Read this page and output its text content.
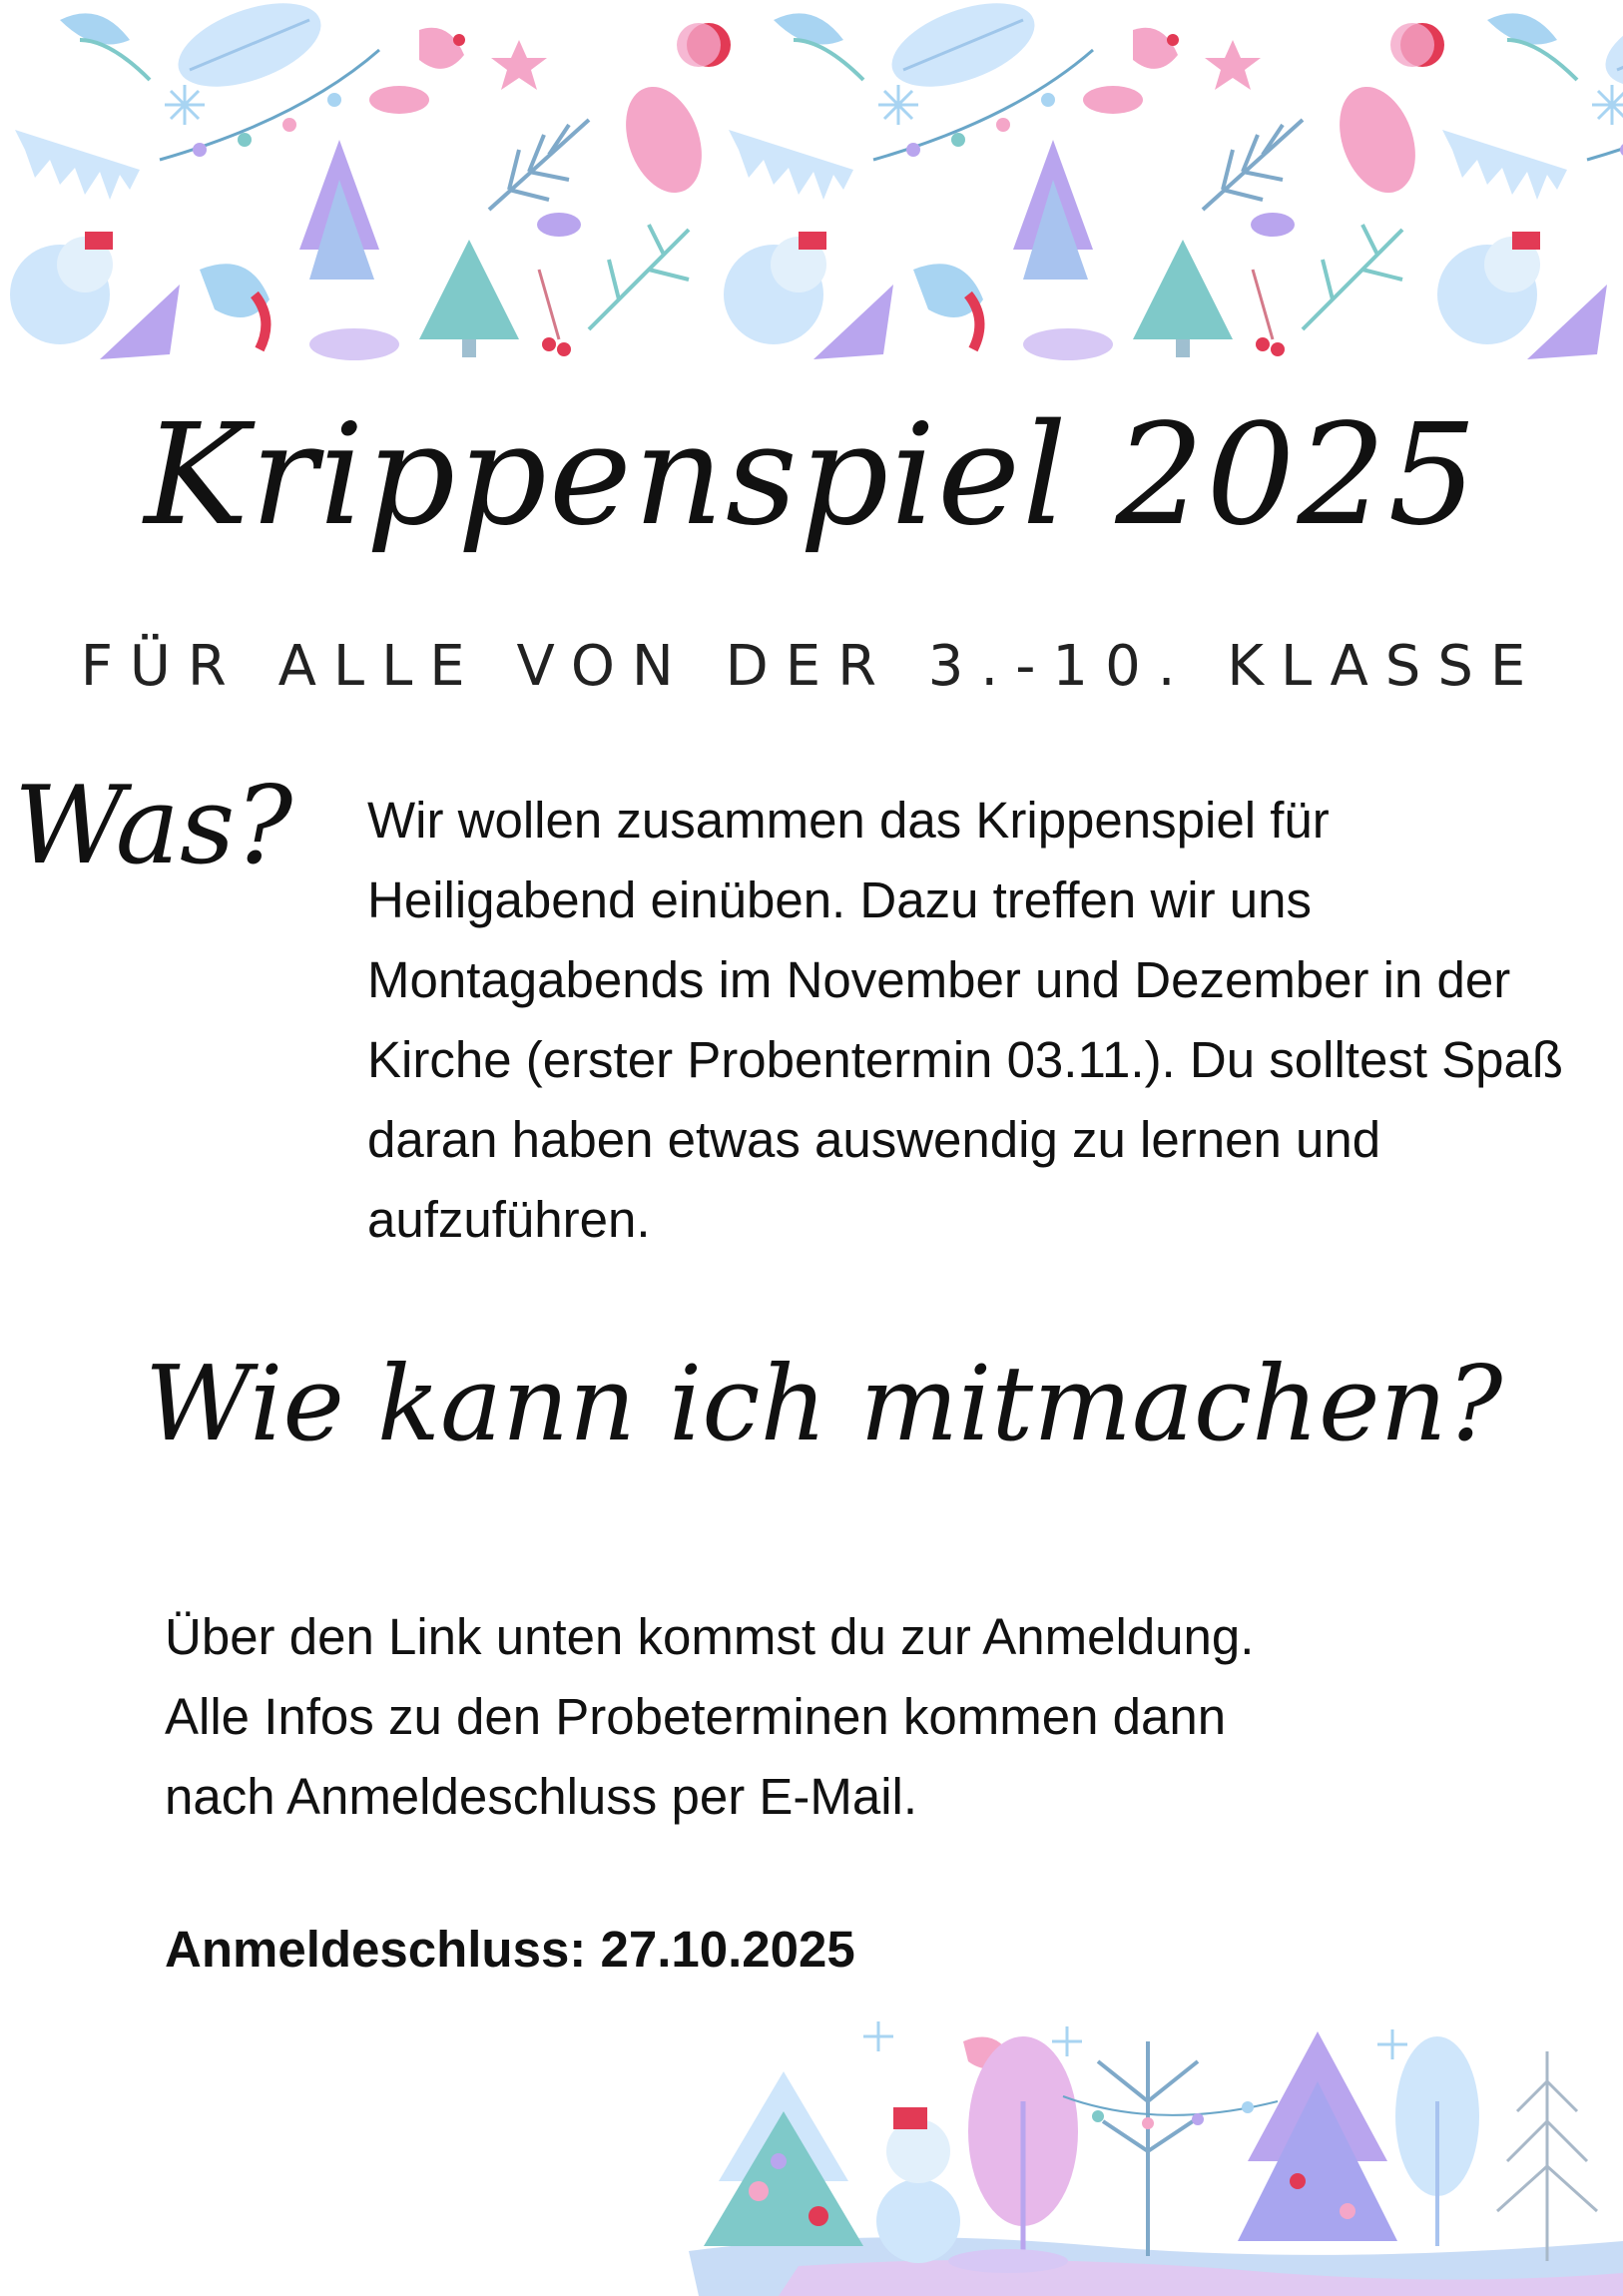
Krippenspiel 2025
FÜR ALLE VON DER 3.-10. KLASSE
Was? Wir wollen zusammen das Krippenspiel für Heiligabend einüben. Dazu treffen wir uns Montagabends im November und Dezember in der Kirche (erster Probentermin 03.11.). Du solltest Spaß daran haben etwas auswendig zu lernen und aufzuführen.
Wie kann ich mitmachen?
Über den Link unten kommst du zur Anmeldung. Alle Infos zu den Probeterminen kommen dann nach Anmeldeschluss per E-Mail.
Anmeldeschluss: 27.10.2025
